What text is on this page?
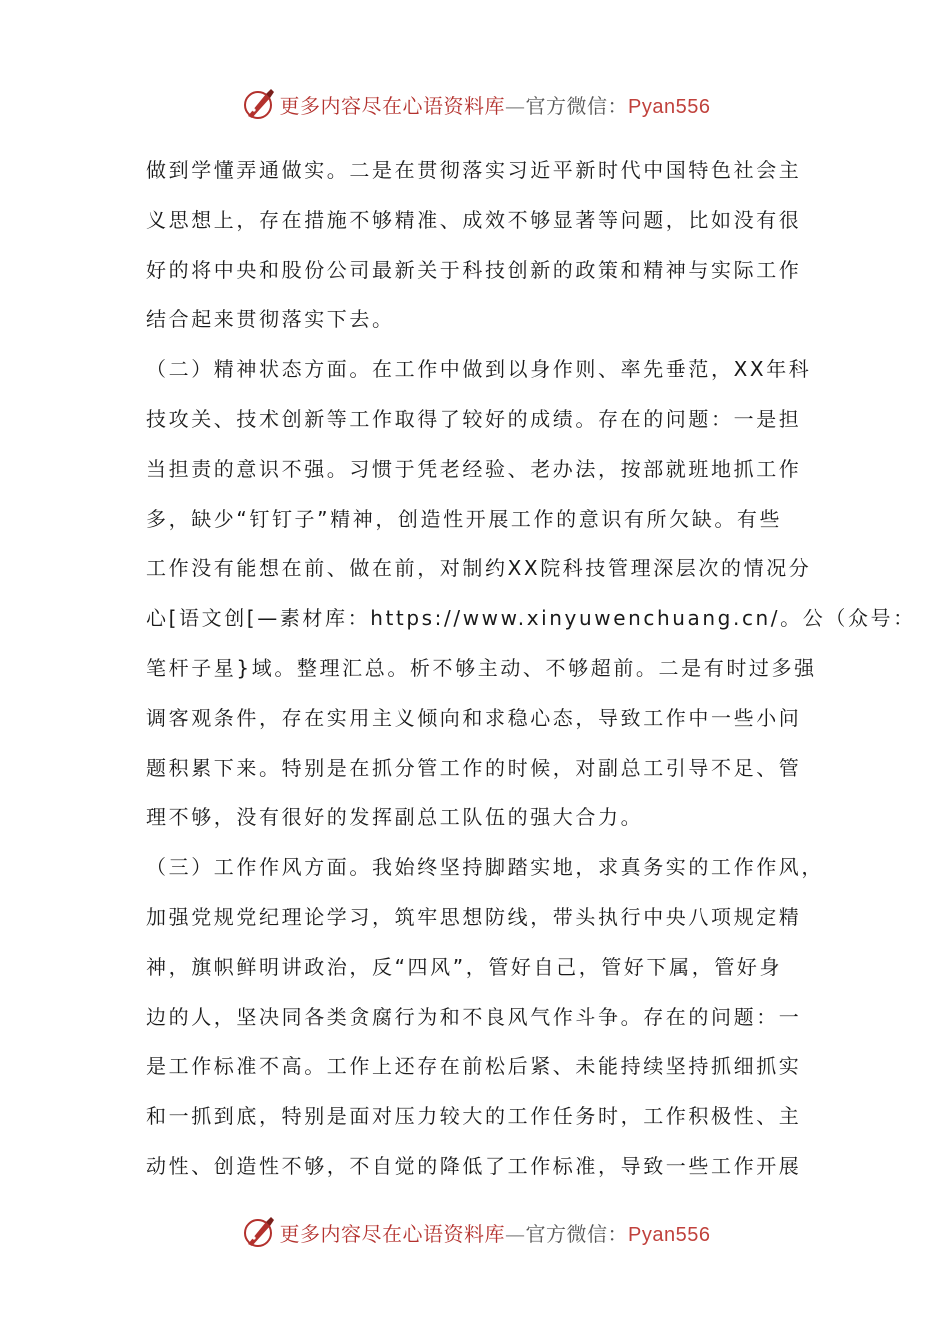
更多内容尽在心语资料库—官方微信：Pyan556
做到学懂弄通做实。二是在贯彻落实习近平新时代中国特色社会主
义思想上，存在措施不够精准、成效不够显著等问题，比如没有很
好的将中央和股份公司最新关于科技创新的政策和精神与实际工作
结合起来贯彻落实下去。
（二）精神状态方面。在工作中做到以身作则、率先垂范，XX年科
技攻关、技术创新等工作取得了较好的成绩。存在的问题：一是担
当担责的意识不强。习惯于凭老经验、老办法，按部就班地抓工作
多，缺少“钉钉子”精神，创造性开展工作的意识有所欠缺。有些
工作没有能想在前、做在前，对制约XX院科技管理深层次的情况分
心[语文创[—素材库：https://www.xinyuwenchuang.cn/。公（众号：
笔杆子星}域。整理汇总。析不够主动、不够超前。二是有时过多强
调客观条件，存在实用主义倾向和求稳心态，导致工作中一些小问
题积累下来。特别是在抓分管工作的时候，对副总工引导不足、管
理不够，没有很好的发挥副总工队伍的强大合力。
（三）工作作风方面。我始终坚持脚踏实地，求真务实的工作作风，
加强党规党纪理论学习，筑牢思想防线，带头执行中央八项规定精
神，旗帜鲜明讲政治，反“四风”，管好自己，管好下属，管好身
边的人，坚决同各类贪腐行为和不良风气作斗争。存在的问题：一
是工作标准不高。工作上还存在前松后紧、未能持续坚持抓细抓实
和一抓到底，特别是面对压力较大的工作任务时，工作积极性、主
动性、创造性不够，不自觉的降低了工作标准，导致一些工作开展
更多内容尽在心语资料库—官方微信：Pyan556
